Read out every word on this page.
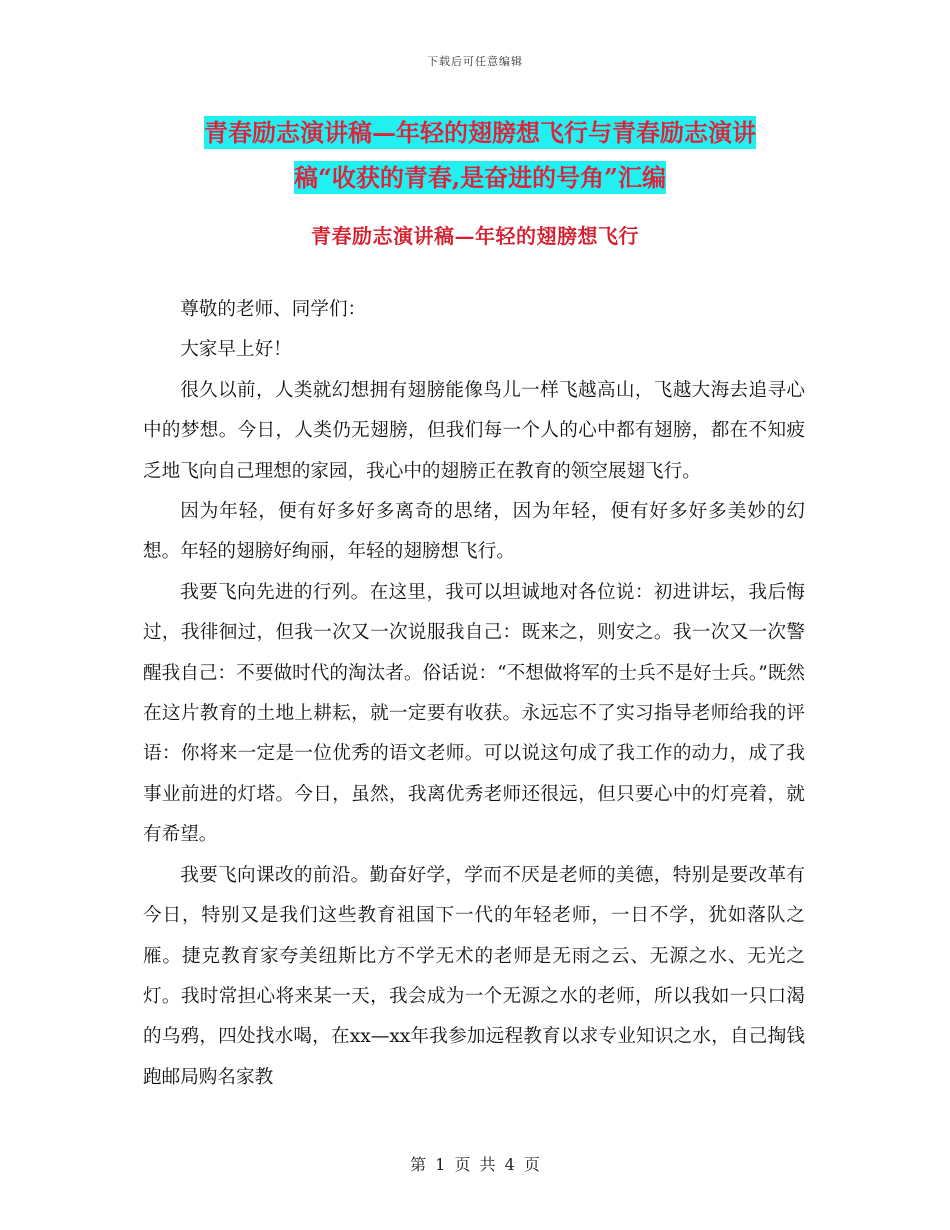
下载后可任意编辑
青春励志演讲稿—年轻的翅膀想飞行与青春励志演讲
稿“收获的青春,是奋进的号角”汇编
青春励志演讲稿—年轻的翅膀想飞行

尊敬的老师、同学们：

大家早上好！

很久以前，人类就幻想拥有翅膀能像鸟儿一样飞越高山，飞越大海去追寻心中的梦想。今日，人类仍无翅膀，但我们每一个人的心中都有翅膀，都在不知疲乏地飞向自己理想的家园，我心中的翅膀正在教育的领空展翅飞行。

因为年轻，便有好多好多离奇的思绪，因为年轻，便有好多好多美妙的幻想。年轻的翅膀好绚丽，年轻的翅膀想飞行。

我要飞向先进的行列。在这里，我可以坦诚地对各位说：初进讲坛，我后悔过，我徘徊过，但我一次又一次说服我自己：既来之，则安之。我一次又一次警醒我自己：不要做时代的淘汰者。俗话说：“不想做将军的士兵不是好士兵。”既然在这片教育的土地上耕耘，就一定要有收获。永远忘不了实习指导老师给我的评语：你将来一定是一位优秀的语文老师。可以说这句成了我工作的动力，成了我事业前进的灯塔。今日，虽然，我离优秀老师还很远，但只要心中的灯亮着，就有希望。

我要飞向课改的前沿。勤奋好学，学而不厌是老师的美德，特别是要改革有今日，特别又是我们这些教育祖国下一代的年轻老师，一日不学，犹如落队之雁。捷克教育家夸美纽斯比方不学无术的老师是无雨之云、无源之水、无光之灯。我时常担心将来某一天，我会成为一个无源之水的老师，所以我如一只口渴的乌鸦，四处找水喝，在xx—xx年我参加远程教育以求专业知识之水，自己掏钱跑邮局购名家教

第 1 页 共 4 页
